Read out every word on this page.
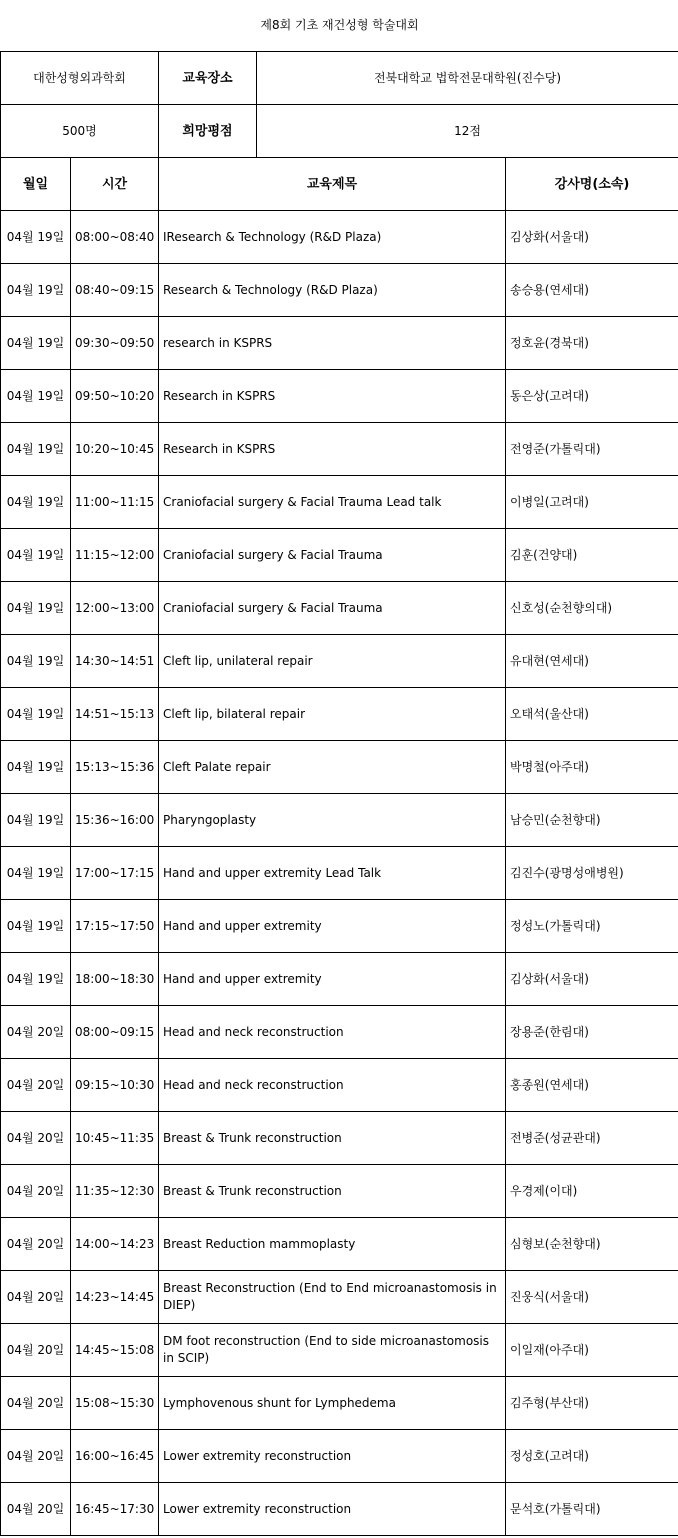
제8회 기초 재건성형 학술대회				
대한성형외과학회		교육장소	전북대학교 법학전문대학원(진수당)	
500명		희망평점	12점	
월일	시간	교육제목		강사명(소속)
04월 19일	08:00~08:40	IResearch & Technology (R&D Plaza)		김상화(서울대)
04월 19일	08:40~09:15	Research & Technology (R&D Plaza)		송승용(연세대)
04월 19일	09:30~09:50	research in KSPRS		정호윤(경북대)
04월 19일	09:50~10:20	Research in KSPRS		동은상(고려대)
04월 19일	10:20~10:45	Research in KSPRS		전영준(가톨릭대)
04월 19일	11:00~11:15	Craniofacial surgery & Facial Trauma Lead talk		이병일(고려대)
04월 19일	11:15~12:00	Craniofacial surgery & Facial Trauma		김훈(건양대)
04월 19일	12:00~13:00	Craniofacial surgery & Facial Trauma		신호성(순천향의대)
04월 19일	14:30~14:51	Cleft lip, unilateral repair		유대현(연세대)
04월 19일	14:51~15:13	Cleft lip, bilateral repair		오태석(울산대)
04월 19일	15:13~15:36	Cleft Palate repair		박명철(아주대)
04월 19일	15:36~16:00	Pharyngoplasty		남승민(순천향대)
04월 19일	17:00~17:15	Hand and upper extremity Lead Talk		김진수(광명성애병원)
04월 19일	17:15~17:50	Hand and upper extremity		정성노(가톨릭대)
04월 19일	18:00~18:30	Hand and upper extremity		김상화(서울대)
04월 20일	08:00~09:15	Head and neck reconstruction		장용준(한림대)
04월 20일	09:15~10:30	Head and neck reconstruction		홍종원(연세대)
04월 20일	10:45~11:35	Breast & Trunk reconstruction		전병준(성균관대)
04월 20일	11:35~12:30	Breast & Trunk reconstruction		우경제(이대)
04월 20일	14:00~14:23	Breast Reduction mammoplasty		심형보(순천향대)
04월 20일	14:23~14:45	Breast Reconstruction (End to End microanastomosis in DIEP)		진웅식(서울대)
04월 20일	14:45~15:08	DM foot reconstruction (End to side microanastomosis in SCIP)		이일재(아주대)
04월 20일	15:08~15:30	Lymphovenous shunt for Lymphedema		김주형(부산대)
04월 20일	16:00~16:45	Lower extremity reconstruction		정성호(고려대)
04월 20일	16:45~17:30	Lower extremity reconstruction		문석호(가톨릭대)
